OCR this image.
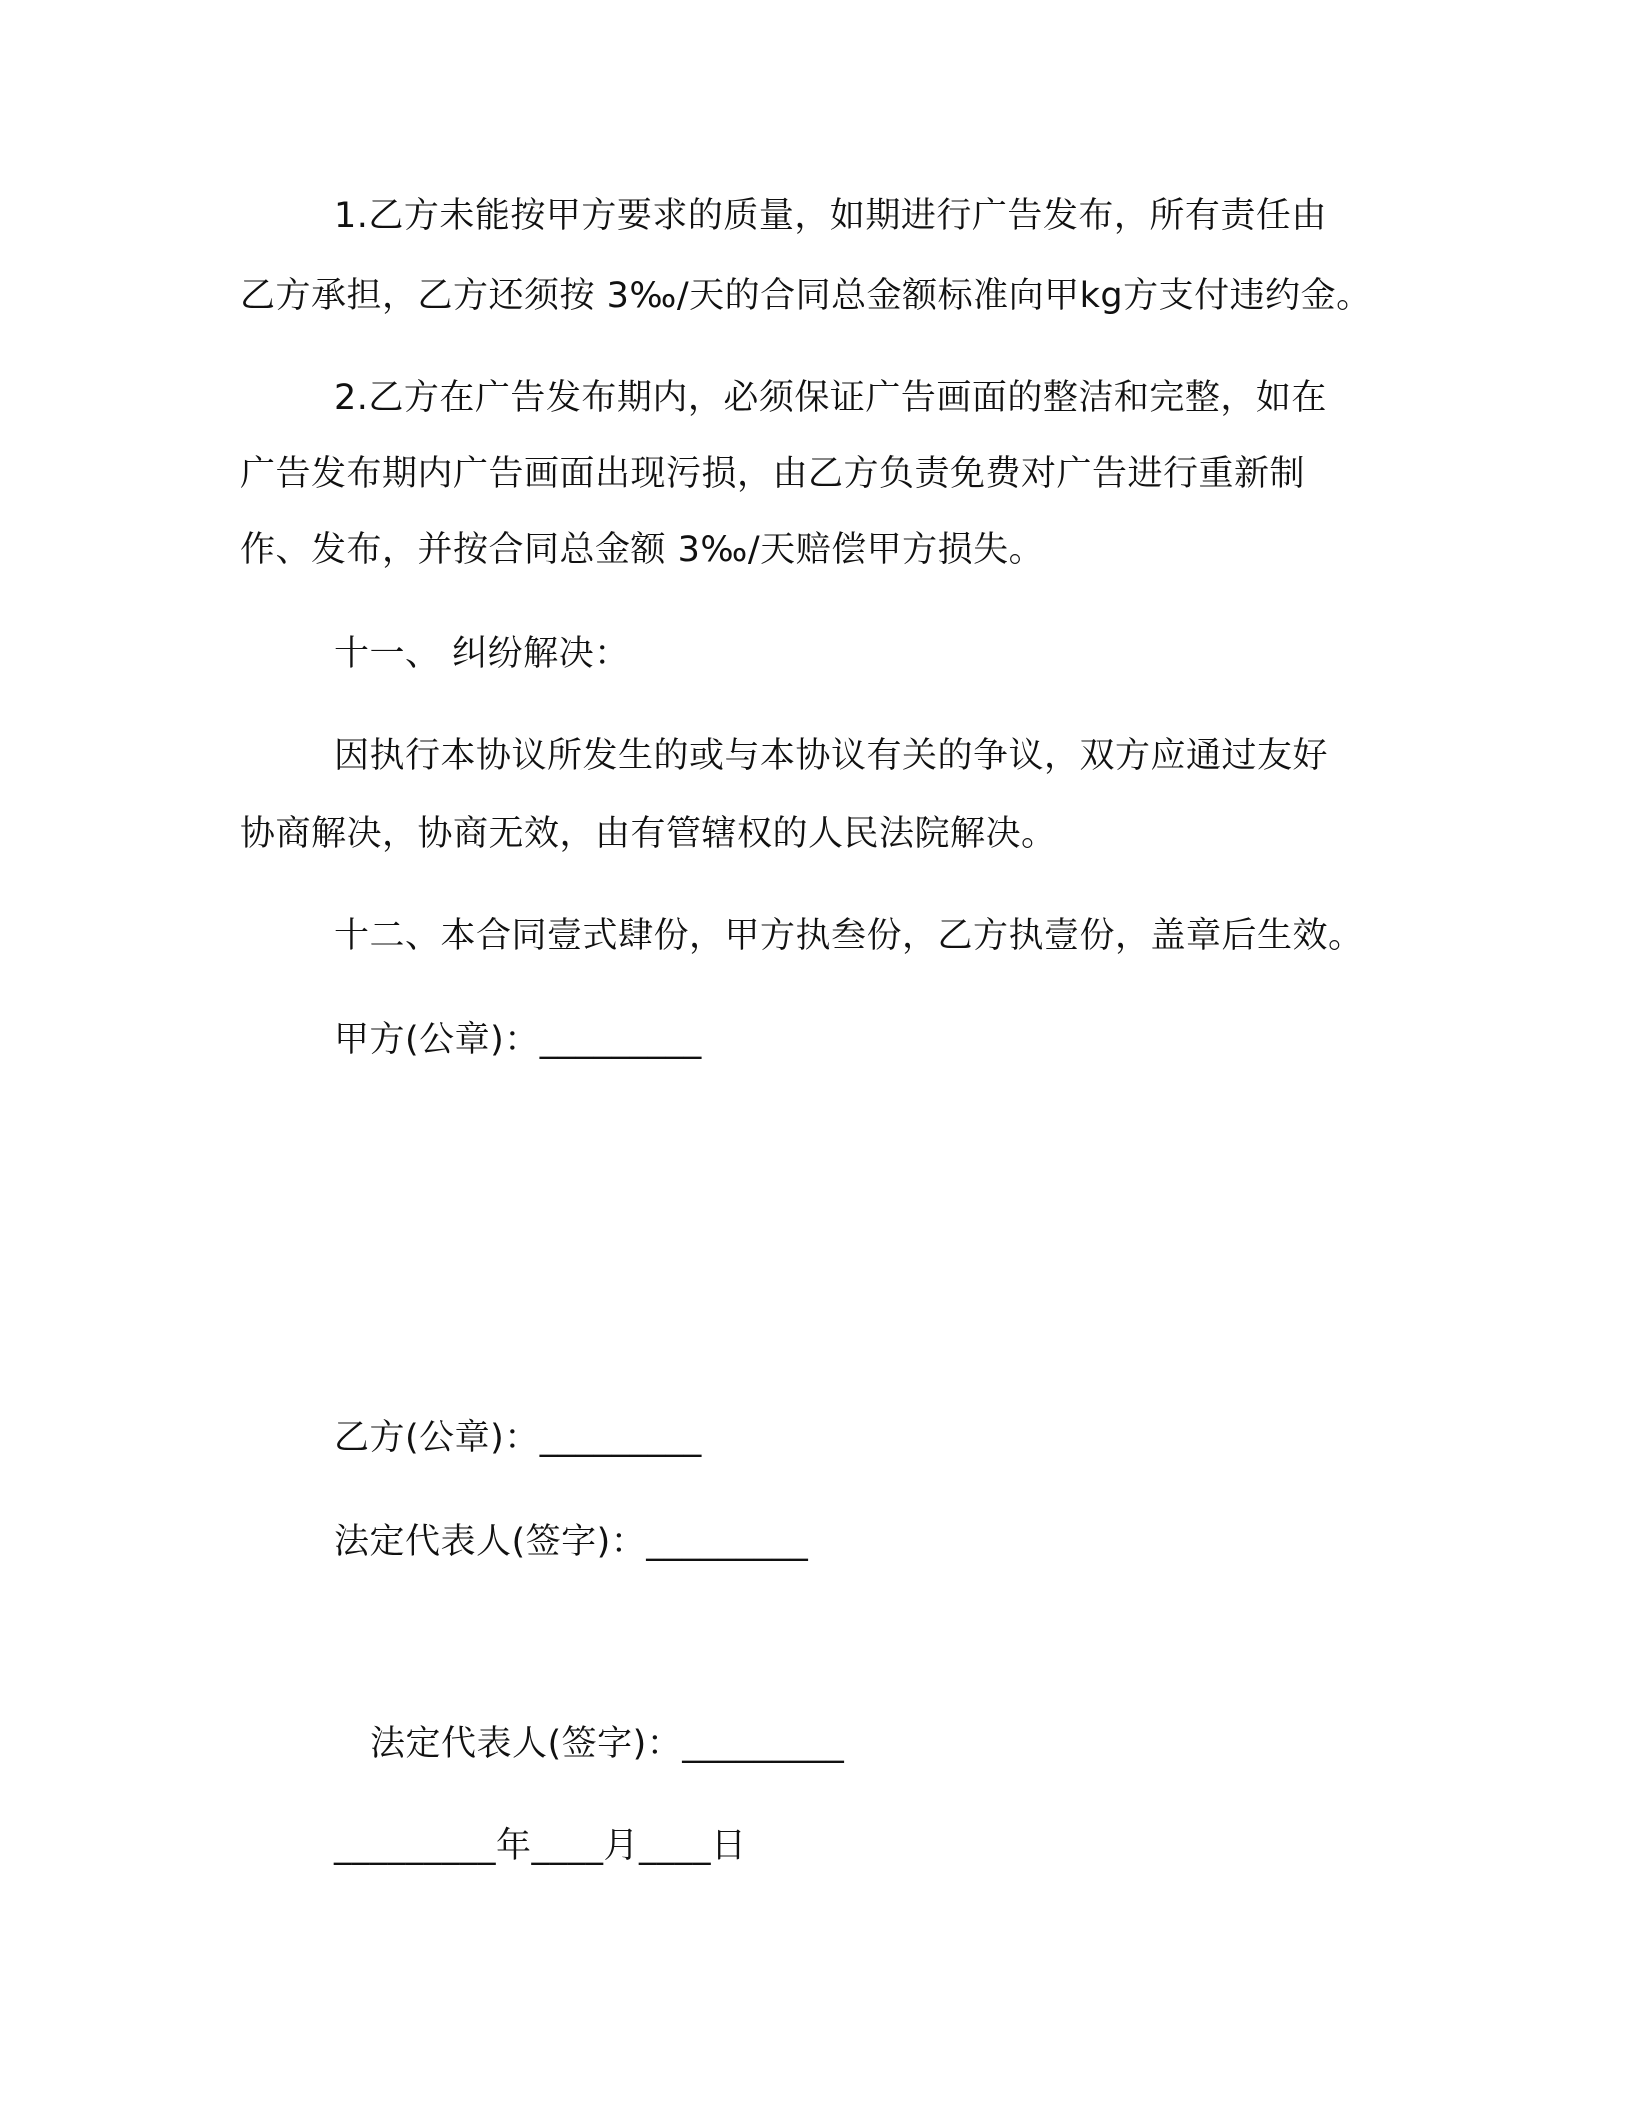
1.乙方未能按甲方要求的质量，如期进行广告发布，所有责任由
乙方承担，乙方还须按 3‰/天的合同总金额标准向甲kg方支付违约金。
2.乙方在广告发布期内，必须保证广告画面的整洁和完整，如在
广告发布期内广告画面出现污损，由乙方负责免费对广告进行重新制
作、发布，并按合同总金额 3‰/天赔偿甲方损失。
十一、 纠纷解决：
因执行本协议所发生的或与本协议有关的争议，双方应通过友好
协商解决，协商无效，由有管辖权的人民法院解决。
十二、本合同壹式肆份，甲方执叁份，乙方执壹份，盖章后生效。
甲方(公章)：_________
乙方(公章)：_________
法定代表人(签字)：_________
法定代表人(签字)：_________
_________年____月____日
